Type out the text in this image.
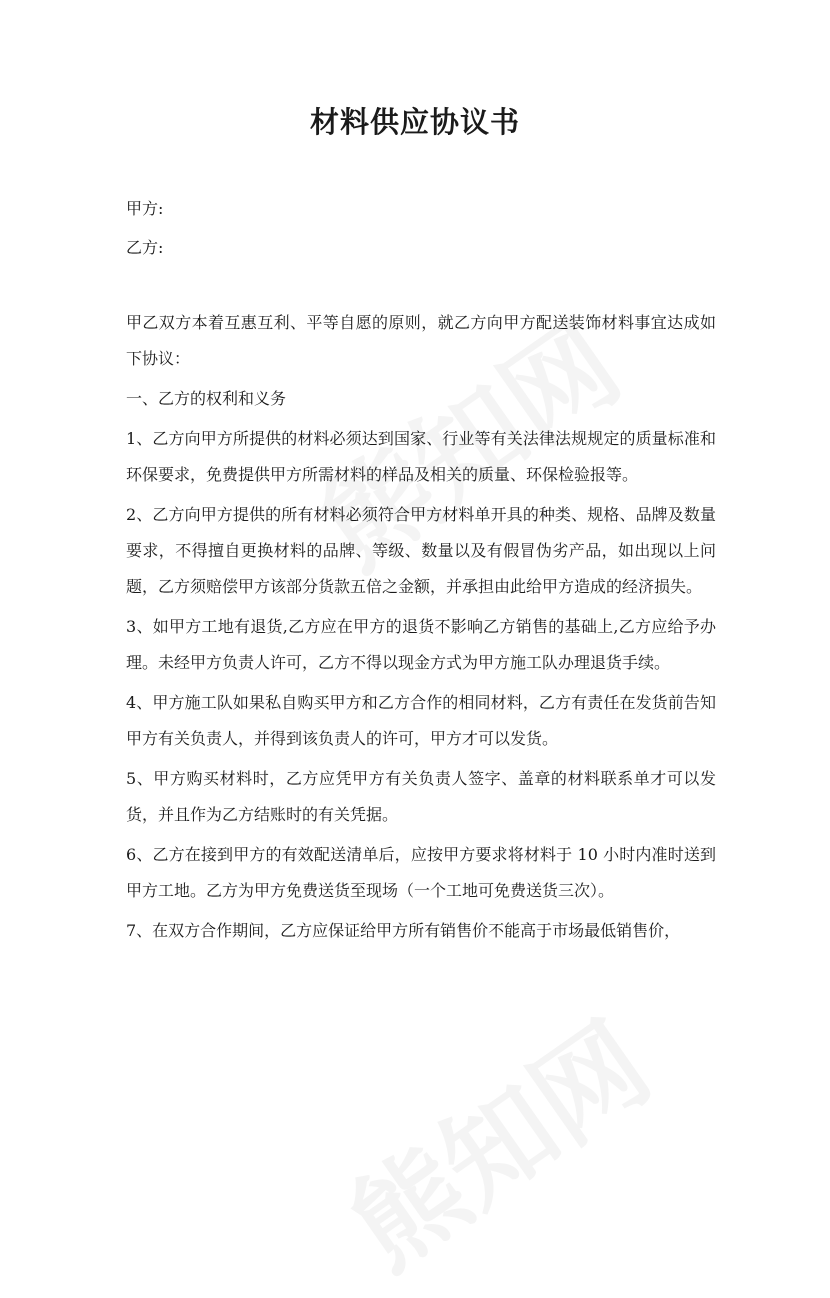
材料供应协议书
甲方:
乙方:

甲乙双方本着互惠互利、平等自愿的原则，就乙方向甲方配送装饰材料事宜达成如下协议：

一、乙方的权利和义务

1、乙方向甲方所提供的材料必须达到国家、行业等有关法律法规规定的质量标准和环保要求，免费提供甲方所需材料的样品及相关的质量、环保检验报等。

2、乙方向甲方提供的所有材料必须符合甲方材料单开具的种类、规格、品牌及数量要求，不得擅自更换材料的品牌、等级、数量以及有假冒伪劣产品，如出现以上问题，乙方须赔偿甲方该部分货款五倍之金额，并承担由此给甲方造成的经济损失。

3、如甲方工地有退货,乙方应在甲方的退货不影响乙方销售的基础上,乙方应给予办理。未经甲方负责人许可，乙方不得以现金方式为甲方施工队办理退货手续。

4、甲方施工队如果私自购买甲方和乙方合作的相同材料，乙方有责任在发货前告知甲方有关负责人，并得到该负责人的许可，甲方才可以发货。

5、甲方购买材料时，乙方应凭甲方有关负责人签字、盖章的材料联系单才可以发货，并且作为乙方结账时的有关凭据。

6、乙方在接到甲方的有效配送清单后，应按甲方要求将材料于 10 小时内准时送到甲方工地。乙方为甲方免费送货至现场（一个工地可免费送货三次）。

7、在双方合作期间，乙方应保证给甲方所有销售价不能高于市场最低销售价，
